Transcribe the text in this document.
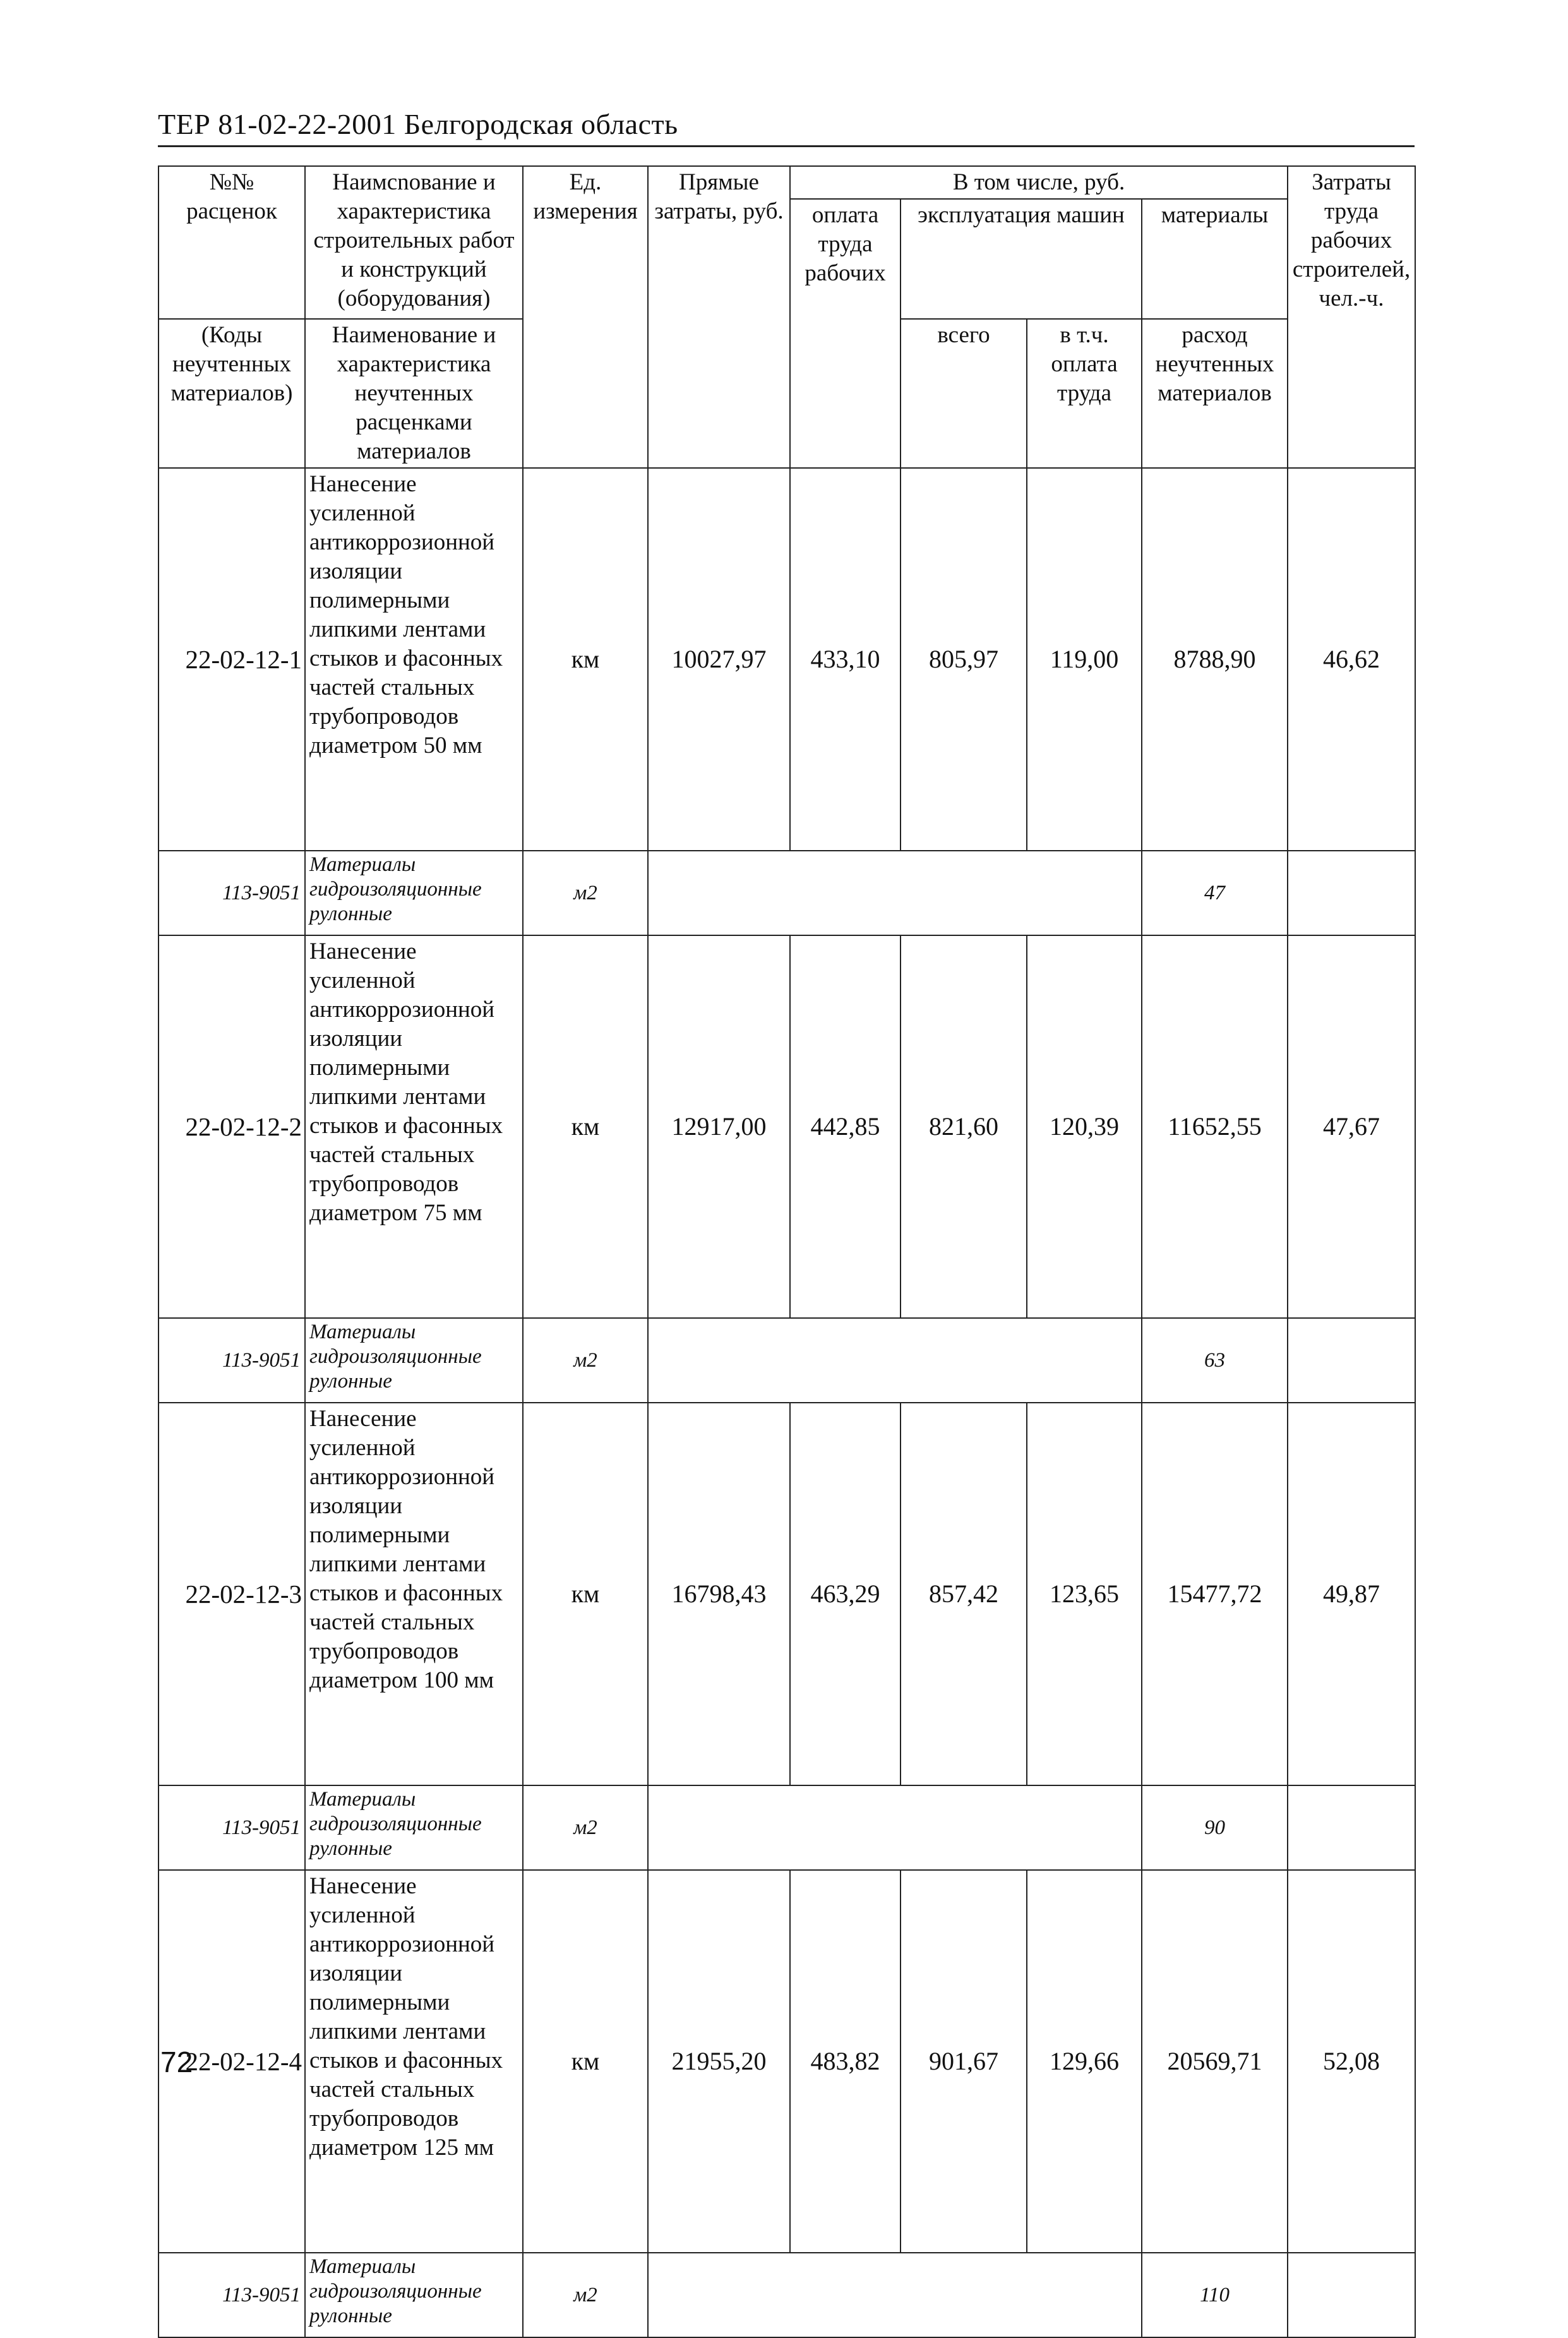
ТЕР 81-02-22-2001 Белгородская область
№№ расценок	Наимсnование и характеристика строительных работ и конструкций (оборудования)	Ед. измерения	Прямые затраты, руб.	В том числе, руб.				Затраты труда рабочих строителей, чел.-ч.
				оплата труда рабочих	эксплуатация машин		материалы	
(Коды неучтенных материалов)	Наименование и характеристика неучтенных расценками материалов				всего	в т.ч. оплата труда	расход неучтенных материалов	

22-02-12-1	Нанесение усиленной антикоррозионной изоляции полимерными липкими лентами стыков и фасонных частей стальных трубопроводов диаметром 50 мм	км	10027,97	433,10	805,97	119,00	8788,90	46,62
113-9051	Материалы гидроизоляционные рулонные	м2					47	
22-02-12-2	Нанесение усиленной антикоррозионной изоляции полимерными липкими лентами стыков и фасонных частей стальных трубопроводов диаметром 75 мм	км	12917,00	442,85	821,60	120,39	11652,55	47,67
113-9051	Материалы гидроизоляционные рулонные	м2					63	
22-02-12-3	Нанесение усиленной антикоррозионной изоляции полимерными липкими лентами стыков и фасонных частей стальных трубопроводов диаметром 100 мм	км	16798,43	463,29	857,42	123,65	15477,72	49,87
113-9051	Материалы гидроизоляционные рулонные	м2					90	
22-02-12-4	Нанесение усиленной антикоррозионной изоляции полимерными липкими лентами стыков и фасонных частей стальных трубопроводов диаметром 125 мм	км	21955,20	483,82	901,67	129,66	20569,71	52,08
113-9051	Материалы гидроизоляционные рулонные	м2					110	
72
